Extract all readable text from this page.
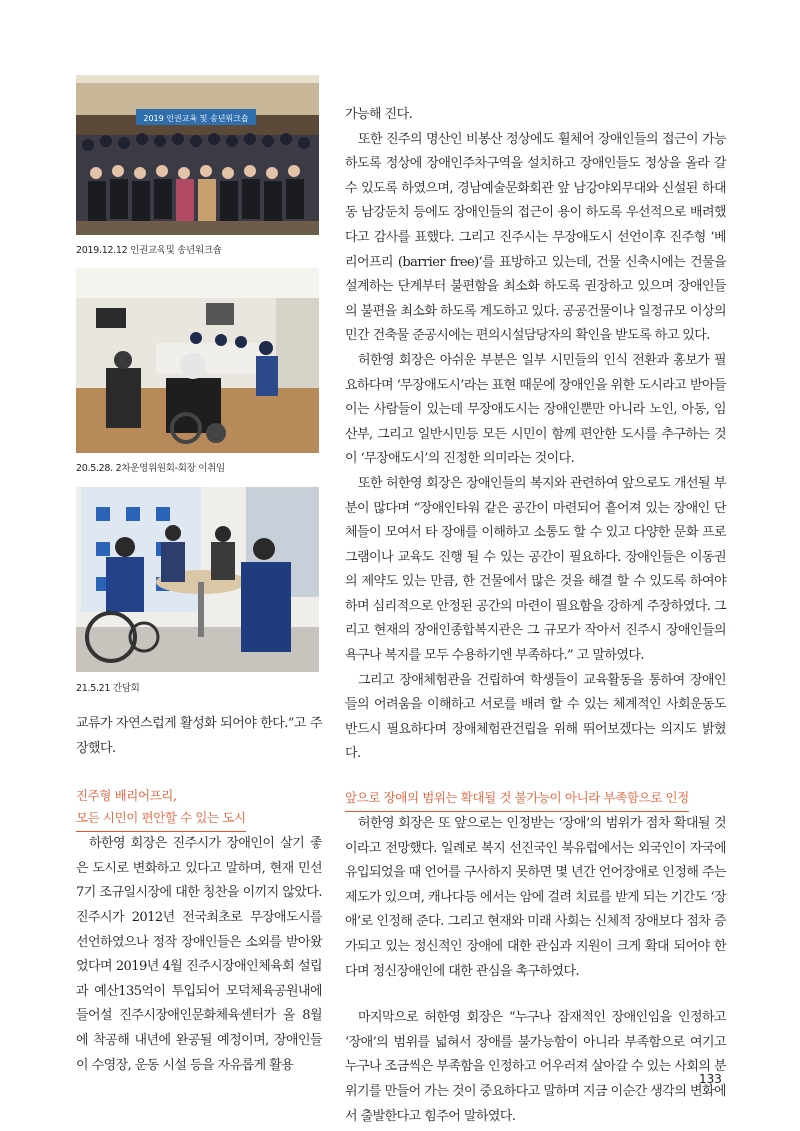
2019 인권교육 및 송년워크숍
2019.12.12 인권교육및 송년워크숍
20.5.28. 2차운영위원회-회장 이취임
21.5.21 간담회

교류가 자연스럽게 활성화 되어야 한다.”고 주장했다.

진주형 배리어프리,

모든 시민이 편안할 수 있는 도시

하한영 회장은 진주시가 장애인이 살기 좋은 도시로 변화하고 있다고 말하며, 현재 민선7기 조규일시장에 대한 칭찬을 이끼지 않았다. 진주시가 2012년 전국최초로 무장애도시를 선언하였으나 정작 장애인들은 소외를 받아왔었다며 2019년 4월 진주시장애인체육회 설립과 예산135억이 투입되어 모덕체육공원내에 들어설 진주시장애인문화체육센터가 올 8월에 착공해 내년에 완공될 예정이며, 장애인들이 수영장, 운동 시설 등을 자유롭게 활용

가능해 진다.

또한 진주의 명산인 비봉산 정상에도 휠체어 장애인들의 접근이 가능하도록 정상에 장애인주차구역을 설치하고 장애인들도 정상을 올라 갈 수 있도록 하였으며, 경남예술문화회관 앞 남강야외무대와 신설된 하대동 남강둔치 등에도 장애인들의 접근이 용이 하도록 우선적으로 배려했다고 감사를 표했다. 그리고 진주시는 무장애도시 선언이후 진주형 ‘베리어프리 (barrier free)’를 표방하고 있는데, 건물 신축시에는 건물을 설계하는 단계부터 불편함을 최소화 하도록 권장하고 있으며 장애인들의 불편을 최소화 하도록 계도하고 있다. 공공건물이나 일정규모 이상의 민간 건축물 준공시에는 편의시설담당자의 확인을 받도록 하고 있다.

허한영 회장은 아쉬운 부분은 일부 시민들의 인식 전환과 홍보가 필요하다며 ‘무장애도시’라는 표현 때문에 장애인을 위한 도시라고 받아들이는 사람들이 있는데 무장애도시는 장애인뿐만 아니라 노인, 아동, 임산부, 그리고 일반시민등 모든 시민이 함께 편안한 도시를 추구하는 것이 ‘무장애도시’의 진정한 의미라는 것이다.

또한 허한영 회장은 장애인들의 복지와 관련하여 앞으로도 개선될 부분이 많다며 “장애인타워 같은 공간이 마련되어 흩어져 있는 장애인 단체들이 모여서 타 장애를 이해하고 소통도 할 수 있고 다양한 문화 프로그램이나 교육도 진행 될 수 있는 공간이 필요하다. 장애인들은 이동권의 제약도 있는 만큼, 한 건물에서 많은 것을 해결 할 수 있도록 하여야 하며 심리적으로 안정된 공간의 마련이 필요함을 강하게 주장하였다. 그리고 현재의 장애인종합복지관은 그 규모가 작아서 진주시 장애인들의 욕구나 복지를 모두 수용하기엔 부족하다.” 고 말하였다.

그리고 장애체험관을 건립하여 학생들이 교육활동을 통하여 장애인들의 어려움을 이해하고 서로를 배려 할 수 있는 체계적인 사회운동도 반드시 필요하다며 장애체험관건립을 위해 뛰어보겠다는 의지도 밝혔다.

앞으로 장애의 범위는 확대될 것 불가능이 아니라 부족함으로 인정

허한영 회장은 또 앞으로는 인정받는 ‘장애’의 범위가 점차 확대될 것이라고 전망했다. 일례로 복지 선진국인 북유럽에서는 외국인이 자국에 유입되었을 때 언어를 구사하지 못하면 몇 년간 언어장애로 인정해 주는 제도가 있으며, 캐나다등 에서는 암에 걸려 치료를 받게 되는 기간도 ‘장애’로 인정해 준다. 그리고 현재와 미래 사회는 신체적 장애보다 점차 증가되고 있는 정신적인 장애에 대한 관심과 지원이 크게 확대 되어야 한다며 정신장애인에 대한 관심을 촉구하였다.

마지막으로 허한영 회장은 “누구나 잠재적인 장애인임을 인정하고 ‘장애’의 범위를 넓혀서 장애를 불가능함이 아니라 부족함으로 여기고 누구나 조금씩은 부족함을 인정하고 어우러져 살아갈 수 있는 사회의 분위기를 만들어 가는 것이 중요하다고 말하며 지금 이순간 생각의 변화에서 출발한다고 힘주어 말하였다.

133
